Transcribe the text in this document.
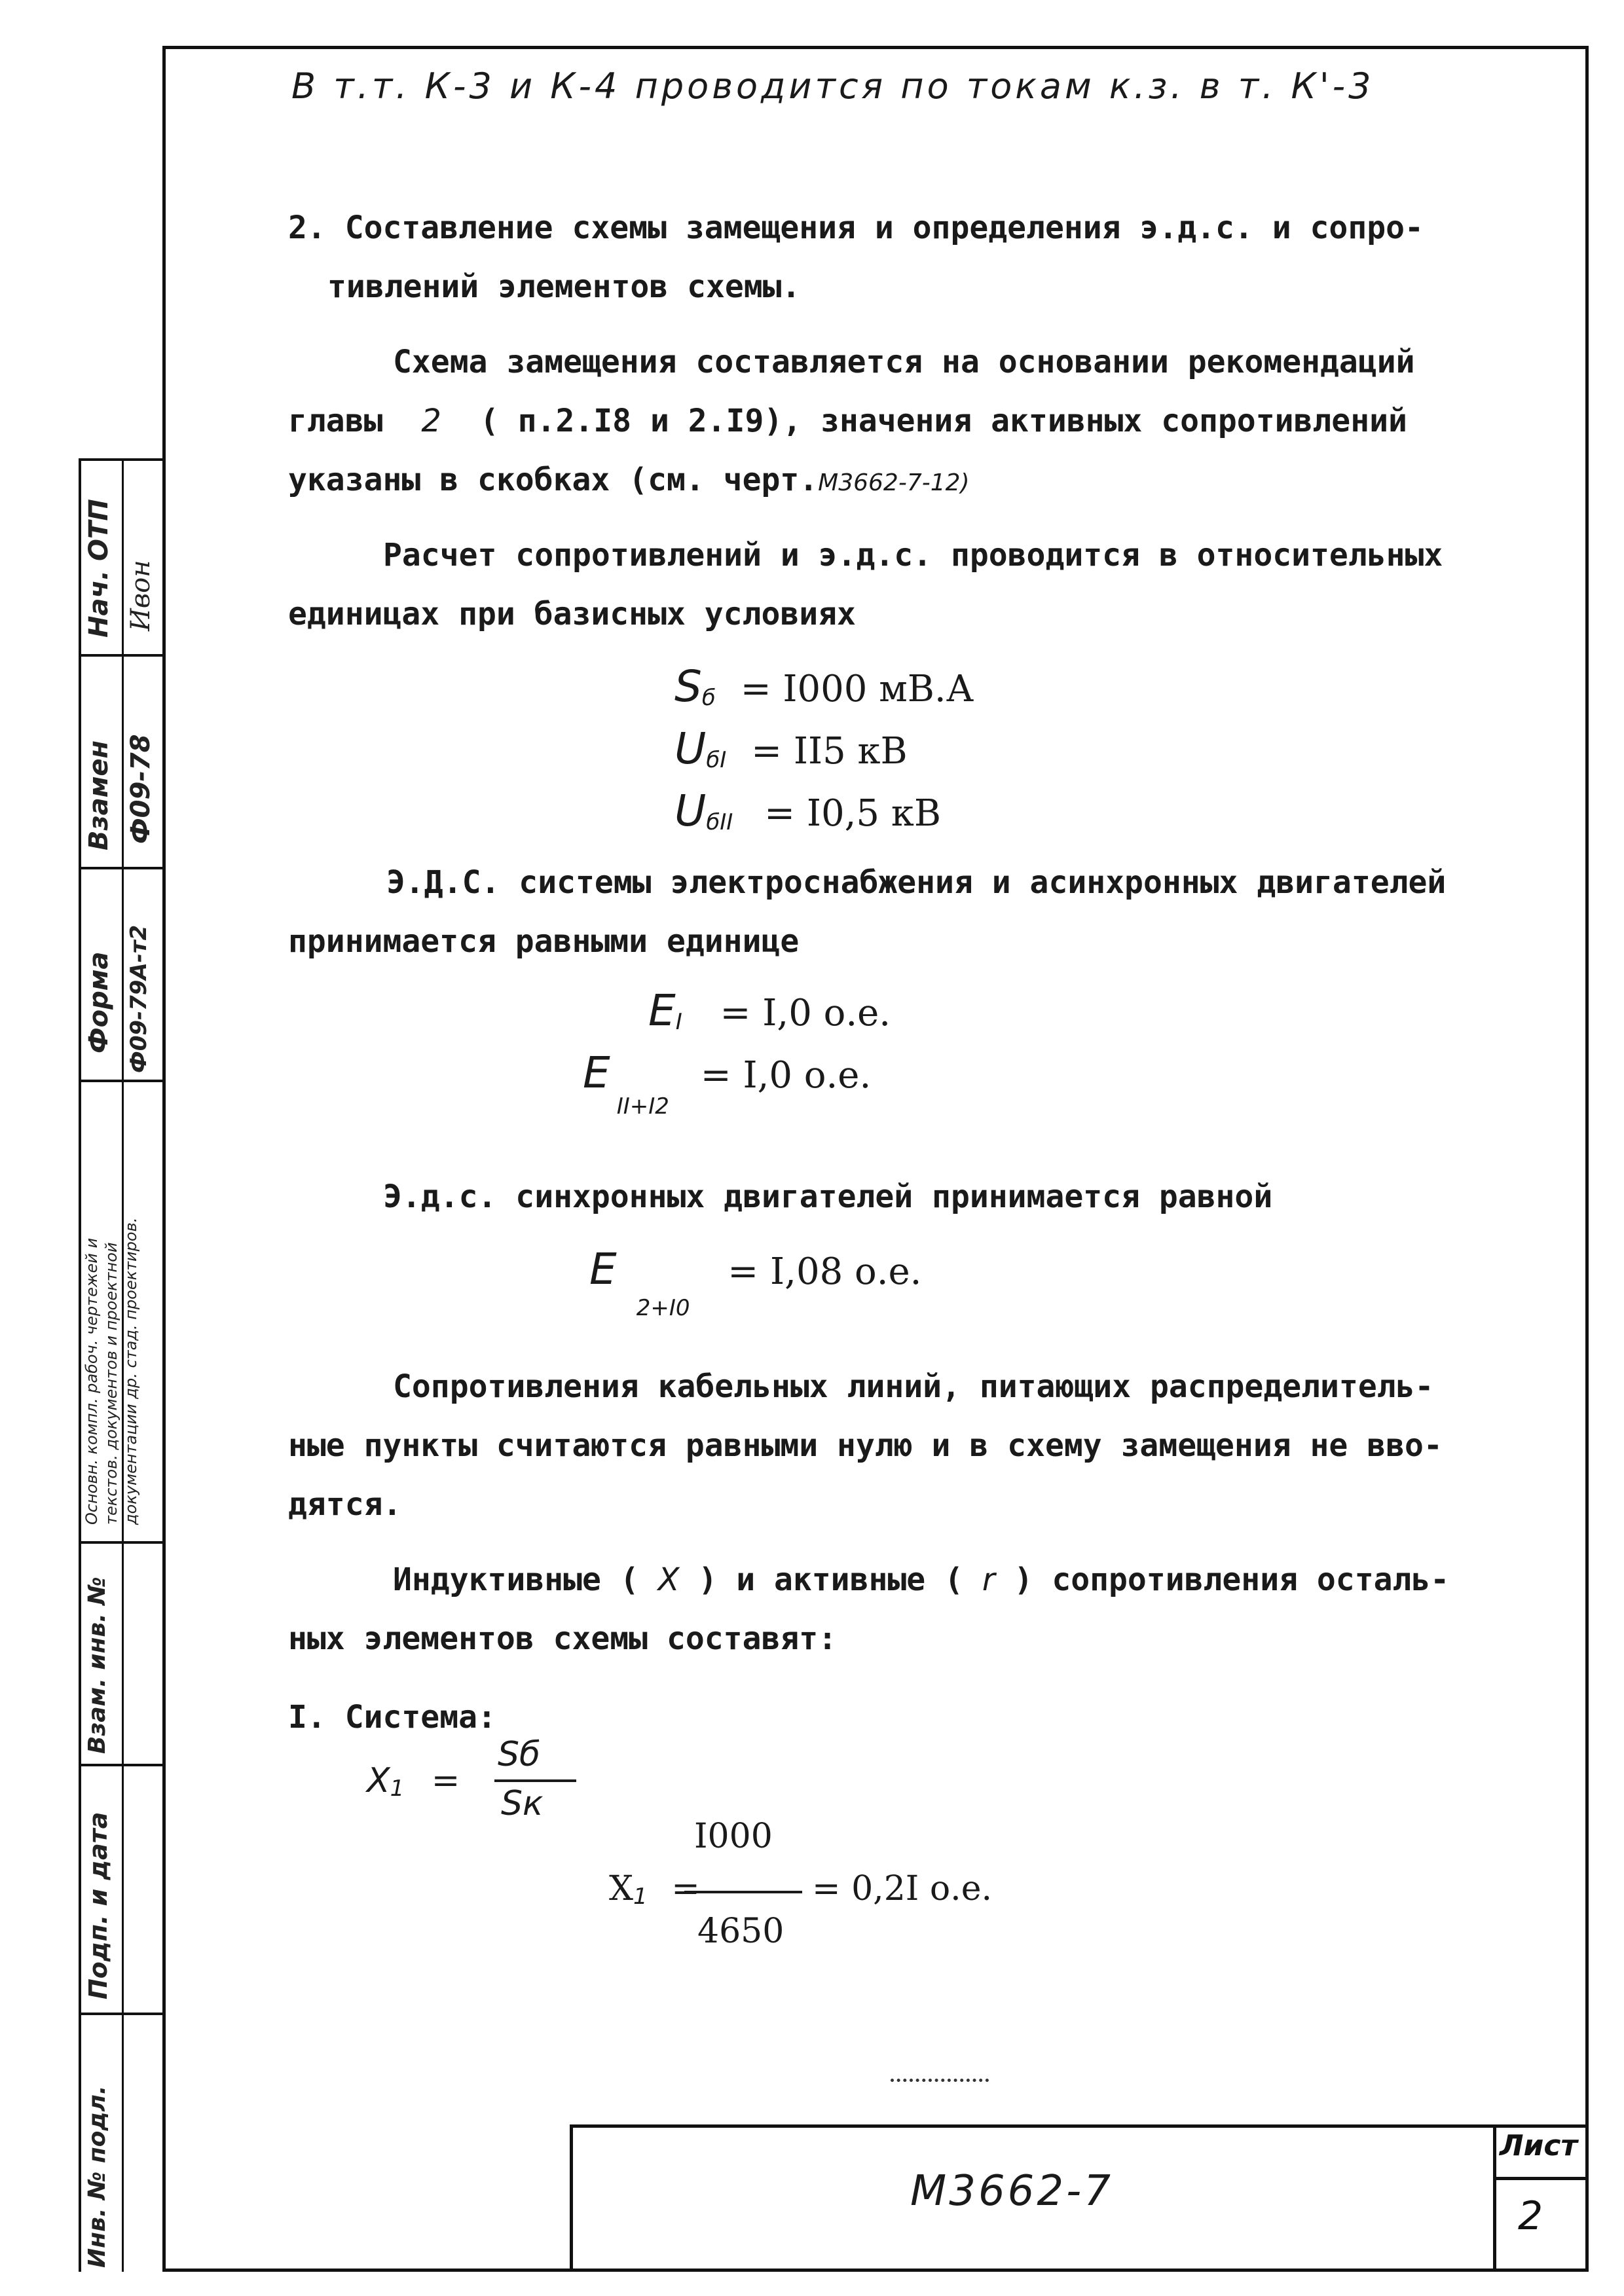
В т.т. К-3 и К-4 проводится по токам к.з. в т. К'-3
2. Составление схемы замещения и определения э.д.с. и сопро-
тивлений элементов схемы.
Схема замещения составляется на основании рекомендаций
главы 2 ( п.2.I8 и 2.I9), значения активных сопротивлений
указаны в скобках (см. черт.М3662-7-12)
Расчет сопротивлений и э.д.с. проводится в относительных
единицах при базисных условиях
Sб = I000 мВ.А
UбI = II5 кВ
UбII = I0,5 кВ
Э.Д.С. системы электроснабжения и асинхронных двигателей
принимается равными единице
EI = I,0 о.е.
$E_{II+I2} = I,0$ о.е.
Э.д.с. синхронных двигателей принимается равной
$E_{2+I0} = I,08$ о.е.
Сопротивления кабельных линий, питающих распределитель-
ные пункты считаются равными нулю и в схему замещения не вво-
дятся.
Индуктивные ( X ) и активные ( r ) сопротивления осталь-
ных элементов схемы составят:
I. Система:
X1 =
Sб
Sк
I000
X1 =	= 0,2I о.е.
4650
Нач. ОТП Ивон
Взамен Ф09-78
Форма Ф09-79А-т2
Основн. компл. рабоч. чертежей и текстов. документов и проектной документации др. стад. проектиров.
Взам. инв. №
Подп. и дата
Инв. № подл.	М3662-7
Лист
2
